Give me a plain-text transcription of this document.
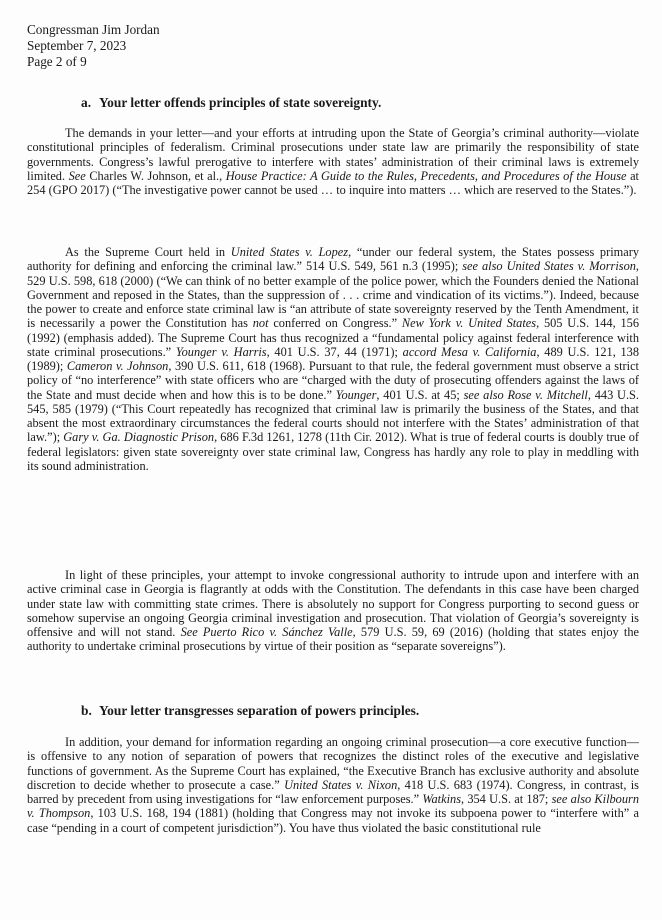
Congressman Jim Jordan
September 7, 2023
Page 2 of 9
a. Your letter offends principles of state sovereignty.
The demands in your letter—and your efforts at intruding upon the State of Georgia’s criminal authority—violate constitutional principles of federalism. Criminal prosecutions under state law are primarily the responsibility of state governments. Congress’s lawful prerogative to interfere with states’ administration of their criminal laws is extremely limited. See Charles W. Johnson, et al., House Practice: A Guide to the Rules, Precedents, and Procedures of the House at 254 (GPO 2017) (“The investigative power cannot be used … to inquire into matters … which are reserved to the States.”).
As the Supreme Court held in United States v. Lopez, “under our federal system, the States possess primary authority for defining and enforcing the criminal law.” 514 U.S. 549, 561 n.3 (1995); see also United States v. Morrison, 529 U.S. 598, 618 (2000) (“We can think of no better example of the police power, which the Founders denied the National Government and reposed in the States, than the suppression of . . . crime and vindication of its victims.”). Indeed, because the power to create and enforce state criminal law is “an attribute of state sovereignty reserved by the Tenth Amendment, it is necessarily a power the Constitution has not conferred on Congress.” New York v. United States, 505 U.S. 144, 156 (1992) (emphasis added). The Supreme Court has thus recognized a “fundamental policy against federal interference with state criminal prosecutions.” Younger v. Harris, 401 U.S. 37, 44 (1971); accord Mesa v. California, 489 U.S. 121, 138 (1989); Cameron v. Johnson, 390 U.S. 611, 618 (1968). Pursuant to that rule, the federal government must observe a strict policy of “no interference” with state officers who are “charged with the duty of prosecuting offenders against the laws of the State and must decide when and how this is to be done.” Younger, 401 U.S. at 45; see also Rose v. Mitchell, 443 U.S. 545, 585 (1979) (“This Court repeatedly has recognized that criminal law is primarily the business of the States, and that absent the most extraordinary circumstances the federal courts should not interfere with the States’ administration of that law.”); Gary v. Ga. Diagnostic Prison, 686 F.3d 1261, 1278 (11th Cir. 2012). What is true of federal courts is doubly true of federal legislators: given state sovereignty over state criminal law, Congress has hardly any role to play in meddling with its sound administration.
In light of these principles, your attempt to invoke congressional authority to intrude upon and interfere with an active criminal case in Georgia is flagrantly at odds with the Constitution. The defendants in this case have been charged under state law with committing state crimes. There is absolutely no support for Congress purporting to second guess or somehow supervise an ongoing Georgia criminal investigation and prosecution. That violation of Georgia’s sovereignty is offensive and will not stand. See Puerto Rico v. Sánchez Valle, 579 U.S. 59, 69 (2016) (holding that states enjoy the authority to undertake criminal prosecutions by virtue of their position as “separate sovereigns”).
b. Your letter transgresses separation of powers principles.
In addition, your demand for information regarding an ongoing criminal prosecution—a core executive function—is offensive to any notion of separation of powers that recognizes the distinct roles of the executive and legislative functions of government. As the Supreme Court has explained, “the Executive Branch has exclusive authority and absolute discretion to decide whether to prosecute a case.” United States v. Nixon, 418 U.S. 683 (1974). Congress, in contrast, is barred by precedent from using investigations for “law enforcement purposes.” Watkins, 354 U.S. at 187; see also Kilbourn v. Thompson, 103 U.S. 168, 194 (1881) (holding that Congress may not invoke its subpoena power to “interfere with” a case “pending in a court of competent jurisdiction”). You have thus violated the basic constitutional rule
